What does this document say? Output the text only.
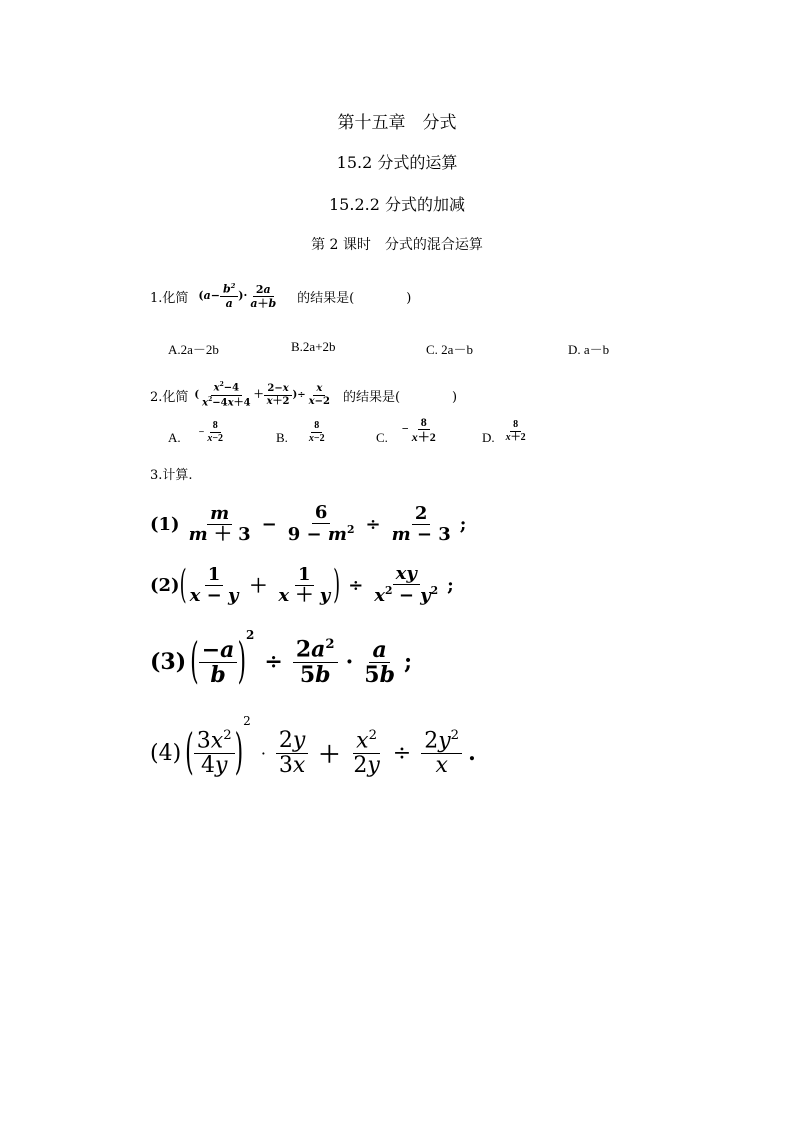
第十五章　分式
15.2 分式的运算
15.2.2 分式的加减
第 2 课时　分式的混合运算
1.化简 ($a- \frac{b^2}{a}$ )· $\frac{2a}{a+b}$ 的结果是(　　　　)
A.2a－2b	B.2a+2b	C. 2a－b	D. a－b
2.化简 ( $\frac{x^2-4}{x^2-4x+4} + \frac{2-x}{x+2}$ )÷ $\frac{x}{x-2}$ 的结果是(　　　　)
A. − $\frac{8}{x-2}$	B. $\frac{8}{x-2}$	C.
− $\frac{8}{x+2}$	D. $\frac{8}{x+2}$
3.计算.
$(1) \frac{m}{m + 3} - \frac{6}{9 - m^2} \div \frac{2}{m - 3}$ ;
(2) ( $\frac{1}{x - y} + \frac{1}{x + y}$ ) ÷ $\frac{xy}{x^2 - y^2}$ ;
(3) ( $\frac{-a}{b}$ ) 2
÷ $\frac{2a^2}{5b} \cdot \frac{a}{5b}$ ;
(4) ( $\frac{3x^2}{4y}$ )
2
· $\frac{2y}{3x} + \frac{x^2}{2y} \div \frac{2y^2}{x}$ .
